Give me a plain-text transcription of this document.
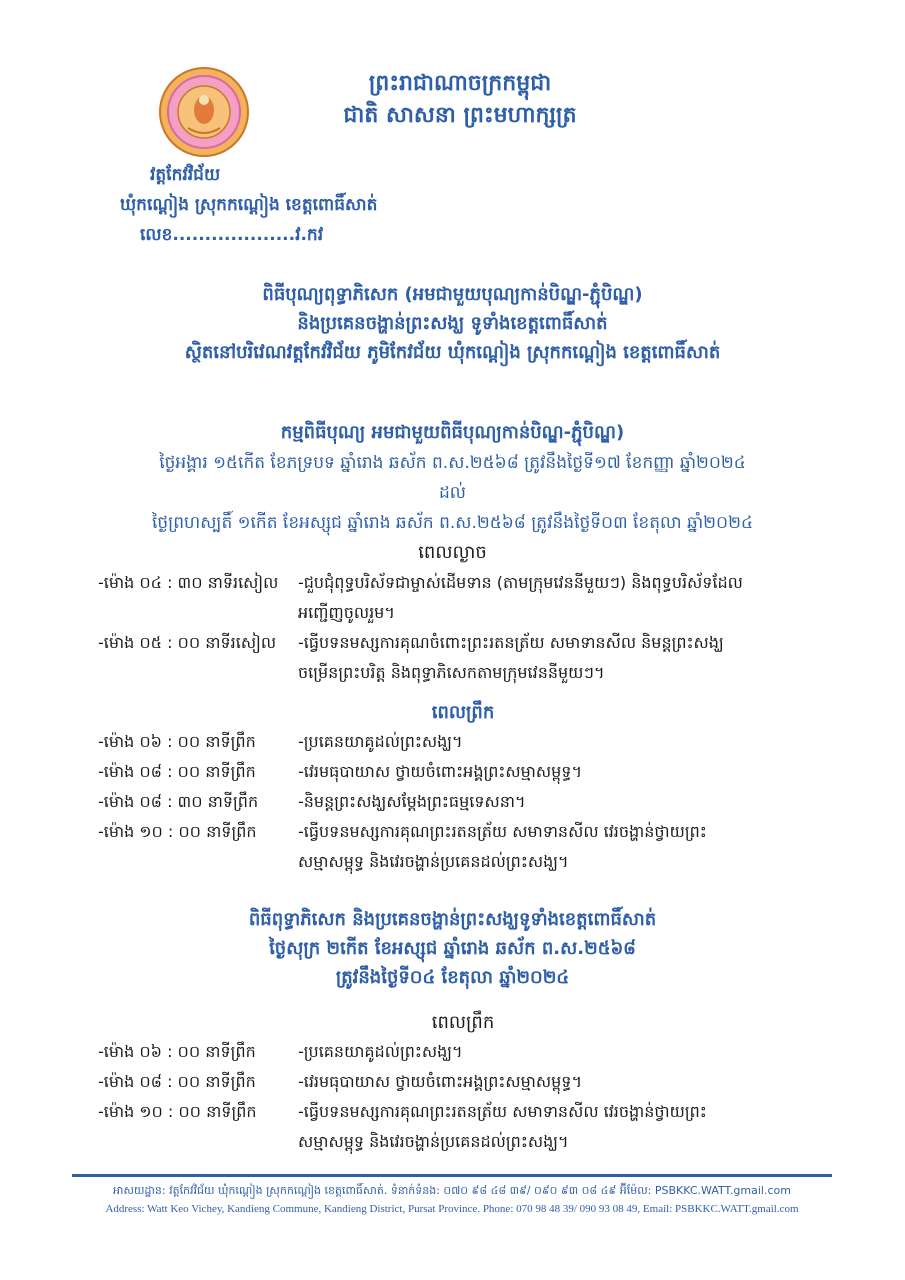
ព្រះរាជាណាចក្រកម្ពុជា
ជាតិ សាសនា ព្រះមហាក្សត្រ
វត្តកែវវិជ័យ
ឃុំកណ្ដៀង ស្រុកកណ្ដៀង ខេត្តពោធិ៍សាត់
លេខ...................វ.កវ
ពិធីបុណ្យពុទ្ធាភិសេក (អមជាមួយបុណ្យកាន់បិណ្ឌ-ភ្ជុំបិណ្ឌ)
និងប្រគេនចង្ហាន់ព្រះសង្ឃ ទូទាំងខេត្តពោធិ៍សាត់
ស្ថិតនៅបរិវេណវត្តកែវវិជ័យ ភូមិកែវជ័យ ឃុំកណ្ដៀង ស្រុកកណ្ដៀង ខេត្តពោធិ៍សាត់
កម្មពិធីបុណ្យ អមជាមួយពិធីបុណ្យកាន់បិណ្ឌ-ភ្ជុំបិណ្ឌ)
ថ្ងៃអង្គារ ១៥កើត ខែភទ្របទ ឆ្នាំរោង ឆស័ក ព.ស.២៥៦៨ ត្រូវនឹងថ្ងៃទី១៧ ខែកញ្ញា ឆ្នាំ២០២៤
ដល់
ថ្ងៃព្រហស្បតិ៍ ១កើត ខែអស្សុជ ឆ្នាំរោង ឆស័ក ព.ស.២៥៦៨ ត្រូវនឹងថ្ងៃទី០៣ ខែតុលា ឆ្នាំ២០២៤
ពេលល្ងាច
-ម៉ោង ០៤ : ៣០ នាទីរសៀល	-ជួបជុំពុទ្ធបរិស័ទជាម្ចាស់ដើមទាន (តាមក្រុមវេននីមួយៗ) និងពុទ្ធបរិស័ទដែល
អញ្ជើញចូលរួម។
-ម៉ោង ០៥ : ០០ នាទីរសៀល	-ធ្វើបទនមស្សការគុណចំពោះព្រះរតនត្រ័យ សមាទានសីល និមន្តព្រះសង្ឃ
ចម្រើនព្រះបរិត្ត និងពុទ្ធាភិសេកតាមក្រុមវេននីមួយៗ។
ពេលព្រឹក
-ម៉ោង ០៦ : ០០ នាទីព្រឹក	-ប្រគេនយាគូដល់ព្រះសង្ឃ។
-ម៉ោង ០៨ : ០០ នាទីព្រឹក	-វេរមធុបាយាស ថ្វាយចំពោះអង្គព្រះសម្មាសម្ពុទ្ធ។
-ម៉ោង ០៨ : ៣០ នាទីព្រឹក	-និមន្តព្រះសង្ឃសម្ដែងព្រះធម្មទេសនា។
-ម៉ោង ១០ : ០០ នាទីព្រឹក	-ធ្វើបទនមស្សការគុណព្រះរតនត្រ័យ សមាទានសីល វេរចង្ហាន់ថ្វាយព្រះ
សម្មាសម្ពុទ្ធ និងវេរចង្ហាន់ប្រគេនដល់ព្រះសង្ឃ។
ពិធីពុទ្ធាភិសេក និងប្រគេនចង្ហាន់ព្រះសង្ឃទូទាំងខេត្តពោធិ៍សាត់
ថ្ងៃសុក្រ ២កើត ខែអស្សុជ ឆ្នាំរោង ឆស័ក ព.ស.២៥៦៨
ត្រូវនឹងថ្ងៃទី០៤ ខែតុលា ឆ្នាំ២០២៤
ពេលព្រឹក
-ម៉ោង ០៦ : ០០ នាទីព្រឹក	-ប្រគេនយាគូដល់ព្រះសង្ឃ។
-ម៉ោង ០៨ : ០០ នាទីព្រឹក	-វេរមធុបាយាស ថ្វាយចំពោះអង្គព្រះសម្មាសម្ពុទ្ធ។
-ម៉ោង ១០ : ០០ នាទីព្រឹក	-ធ្វើបទនមស្សការគុណព្រះរតនត្រ័យ សមាទានសីល វេរចង្ហាន់ថ្វាយព្រះ
សម្មាសម្ពុទ្ធ និងវេរចង្ហាន់ប្រគេនដល់ព្រះសង្ឃ។
អាសយដ្ឋាន: វត្តកែវវិជ័យ ឃុំកណ្ដៀង ស្រុកកណ្ដៀង ខេត្តពោធិ៍សាត់. ទំនាក់ទំនង: ០៧០ ៩៨ ៤៨ ៣៩/ ០៩០ ៩៣ ០៨ ៤៩ អ៊ីម៉ែល: PSBKKC.WATT.gmail.com
Address: Watt Keo Vichey, Kandieng Commune, Kandieng District, Pursat Province. Phone: 070 98 48 39/ 090 93 08 49, Email: PSBKKC.WATT.gmail.com
